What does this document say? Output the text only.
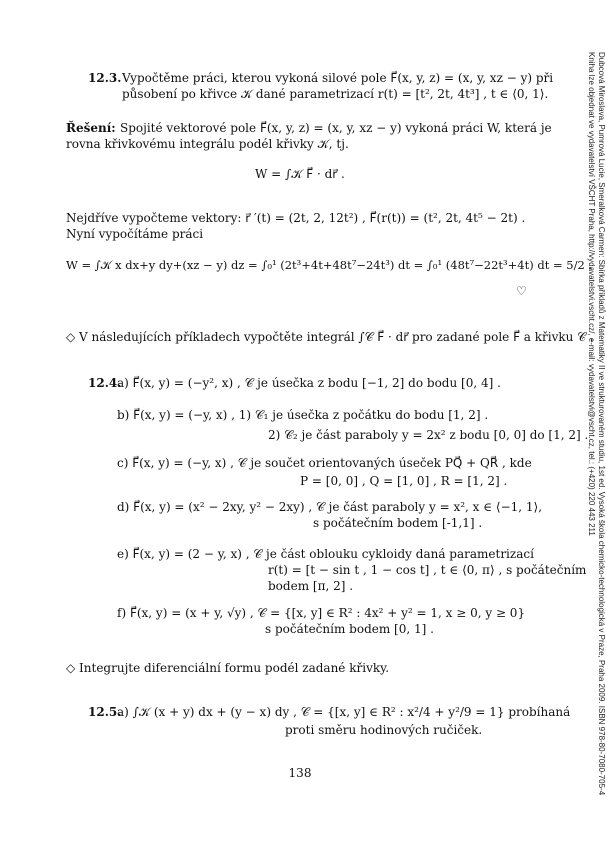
Dubcová Miroslava, Pumrová Lucie, Smeralková Carmen: Sbírka příkladů z Matematiky II ve strukturovaném studiu, 1st ed. Vysoká škola chemicko-technologická v Praze, Praha 2009. ISBN 978-80-7080-705-4
Kniha lze objednat ve vydavatelství VŠCHT Praha, http://vydavatelstvi.vscht.cz/, e-mail: vydavatelstvi@vscht.cz, tel.: (+420) 220 443 211
12.3. Vypočtěme práci, kterou vykoná silové pole F⃗(x, y, z) = (x, y, xz − y) při
působení po křivce 𝒦 dané parametrizací r(t) = [t², 2t, 4t³] , t ∈ ⟨0, 1⟩.
Řešení: Spojité vektorové pole F⃗(x, y, z) = (x, y, xz − y) vykoná práci W, která je
rovna křivkovému integrálu podél křivky 𝒦, tj.
W = ∫𝒦 F⃗ · dr⃗ .
Nejdříve vypočteme vektory: r⃗ ′(t) = (2t, 2, 12t²) , F⃗(r(t)) = (t², 2t, 4t⁵ − 2t) .
Nyní vypočítáme práci
W = ∫𝒦 x dx+y dy+(xz − y) dz = ∫₀¹ (2t³+4t+48t⁷−24t³) dt = ∫₀¹ (48t⁷−22t³+4t) dt = 5/2 .
♡
◇ V následujících příkladech vypočtěte integrál ∫𝒞 F⃗ · dr⃗ pro zadané pole F⃗ a křivku 𝒞 .
12.4.
a) F⃗(x, y) = (−y², x) , 𝒞 je úsečka z bodu [−1, 2] do bodu [0, 4] .
b) F⃗(x, y) = (−y, x) , 1) 𝒞₁ je úsečka z počátku do bodu [1, 2] .
2) 𝒞₂ je část paraboly y = 2x² z bodu [0, 0] do [1, 2] .
c) F⃗(x, y) = (−y, x) , 𝒞 je součet orientovaných úseček PQ⃗ + QR⃗ , kde
P = [0, 0] , Q = [1, 0] , R = [1, 2] .
d) F⃗(x, y) = (x² − 2xy, y² − 2xy) , 𝒞 je část paraboly y = x², x ∈ ⟨−1, 1⟩,
s počátečním bodem [-1,1] .
e) F⃗(x, y) = (2 − y, x) , 𝒞 je část oblouku cykloidy daná parametrizací
r(t) = [t − sin t , 1 − cos t] , t ∈ ⟨0, π⟩ , s počátečním
bodem [π, 2] .
f) F⃗(x, y) = (x + y, √y) , 𝒞 = {[x, y] ∈ R² : 4x² + y² = 1, x ≥ 0, y ≥ 0}
s počátečním bodem [0, 1] .
◇ Integrujte diferenciální formu podél zadané křivky.
12.5.
a) ∫𝒦 (x + y) dx + (y − x) dy , 𝒞 = {[x, y] ∈ R² : x²/4 + y²/9 = 1} probíhaná
proti směru hodinových ručiček.
138
